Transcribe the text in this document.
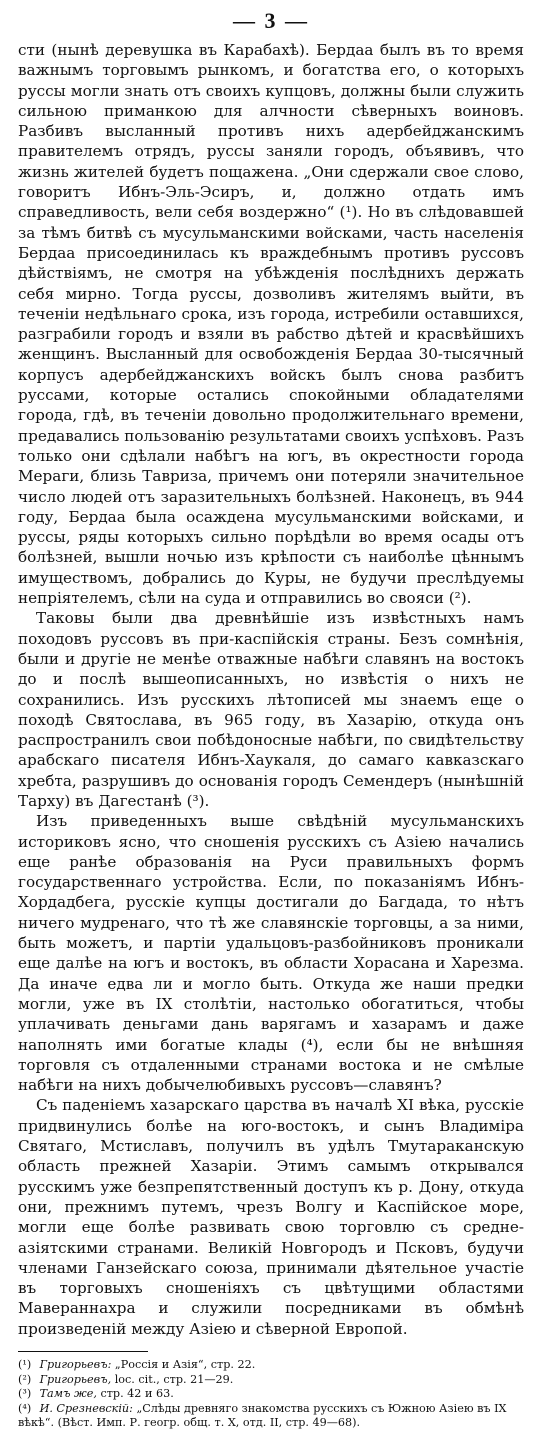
— 3 —

сти (нынѣ деревушка въ Карабахѣ). Бердаа былъ въ то время важнымъ торговымъ рынкомъ, и богатства его, о которыхъ руссы могли знать отъ своихъ купцовъ, должны были служить сильною приманкою для алчности сѣверныхъ воиновъ. Разбивъ высланный противъ нихъ адербейджанскимъ правителемъ отрядъ, руссы заняли городъ, объявивъ, что жизнь жителей будетъ пощажена. „Они сдержали свое слово, говоритъ Ибнъ-Эль-Эсиръ, и, должно отдать имъ справедливость, вели себя воздержно“ (¹). Но въ слѣдовавшей за тѣмъ битвѣ съ мусульманскими войсками, часть населенія Бердаа присоединилась къ враждебнымъ противъ руссовъ дѣйствіямъ, не смотря на убѣжденія послѣднихъ держать себя мирно. Тогда руссы, дозволивъ жителямъ выйти, въ теченіи недѣльнаго срока, изъ города, истребили оставшихся, разграбили городъ и взяли въ рабство дѣтей и красвѣйшихъ женщинъ. Высланный для освобожденія Бердаа 30-тысячный корпусъ адербейджанскихъ войскъ былъ снова разбитъ руссами, которые остались спокойными обладателями города, гдѣ, въ теченіи довольно продолжительнаго времени, предавались пользованію результатами своихъ успѣховъ. Разъ только они сдѣлали набѣгъ на югъ, въ окрестности города Мераги, близь Тавриза, причемъ они потеряли значительное число людей отъ заразительныхъ болѣзней. Наконецъ, въ 944 году, Бердаа была осаждена мусульманскими войсками, и руссы, ряды которыхъ сильно порѣдѣли во время осады отъ болѣзней, вышли ночью изъ крѣпости съ наиболѣе цѣннымъ имуществомъ, добрались до Куры, не будучи преслѣдуемы непріятелемъ, сѣли на суда и отправились во свояси (²).

Таковы были два древнѣйшіе изъ извѣстныхъ намъ походовъ руссовъ въ при-каспійскія страны. Безъ сомнѣнія, были и другіе не менѣе отважные набѣги славянъ на востокъ до и послѣ вышеописанныхъ, но извѣстія о нихъ не сохранились. Изъ русскихъ лѣтописей мы знаемъ еще о походѣ Святослава, въ 965 году, въ Хазарію, откуда онъ распространилъ свои побѣдоносные набѣги, по свидѣтельству арабскаго писателя Ибнъ-Хаукаля, до самаго кавказскаго хребта, разрушивъ до основанія городъ Семендеръ (нынѣшній Тарху) въ Дагестанѣ (³).

Изъ приведенныхъ выше свѣдѣній мусульманскихъ историковъ ясно, что сношенія русскихъ съ Азіею начались еще ранѣе образованія на Руси правильныхъ формъ государственнаго устройства. Если, по показаніямъ Ибнъ-Хордадбега, русскіе купцы достигали до Багдада, то нѣтъ ничего мудренаго, что тѣ же славянскіе торговцы, а за ними, быть можетъ, и партіи удальцовъ-разбойниковъ проникали еще далѣе на югъ и востокъ, въ области Хорасана и Харезма. Да иначе едва ли и могло быть. Откуда же наши предки могли, уже въ IX столѣтіи, настолько обогатиться, чтобы уплачивать деньгами дань варягамъ и хазарамъ и даже наполнять ими богатые клады (⁴), если бы не внѣшняя торговля съ отдаленными странами востока и не смѣлые набѣги на нихъ добычелюбивыхъ руссовъ—славянъ?

Съ паденіемъ хазарскаго царства въ началѣ XI вѣка, русскіе придвинулись болѣе на юго-востокъ, и сынъ Владиміра Святаго, Мстиславъ, получилъ въ удѣлъ Тмутараканскую область прежней Хазаріи. Этимъ самымъ открывался русскимъ уже безпрепятственный доступъ къ р. Дону, откуда они, прежнимъ путемъ, чрезъ Волгу и Каспійское море, могли еще болѣе развивать свою торговлю съ средне-азіятскими странами. Великій Новгородъ и Псковъ, будучи членами Ганзейскаго союза, принимали дѣятельное участіе въ торговыхъ сношеніяхъ съ цвѣтущими областями Мавераннахра и служили посредниками въ обмѣнѣ произведеній между Азіею и сѣверной Европой.

(¹) Григорьевъ: „Россія и Азія“, стр. 22.

(²) Григорьевъ, loc. cit., стр. 21—29.

(³) Тамъ же, стр. 42 и 63.

(⁴) И. Срезневскій: „Слѣды древняго знакомства русскихъ съ Южною Азіею въ IX вѣкѣ“. (Вѣст. Имп. Р. геогр. общ. т. X, отд. II, стр. 49—68).
